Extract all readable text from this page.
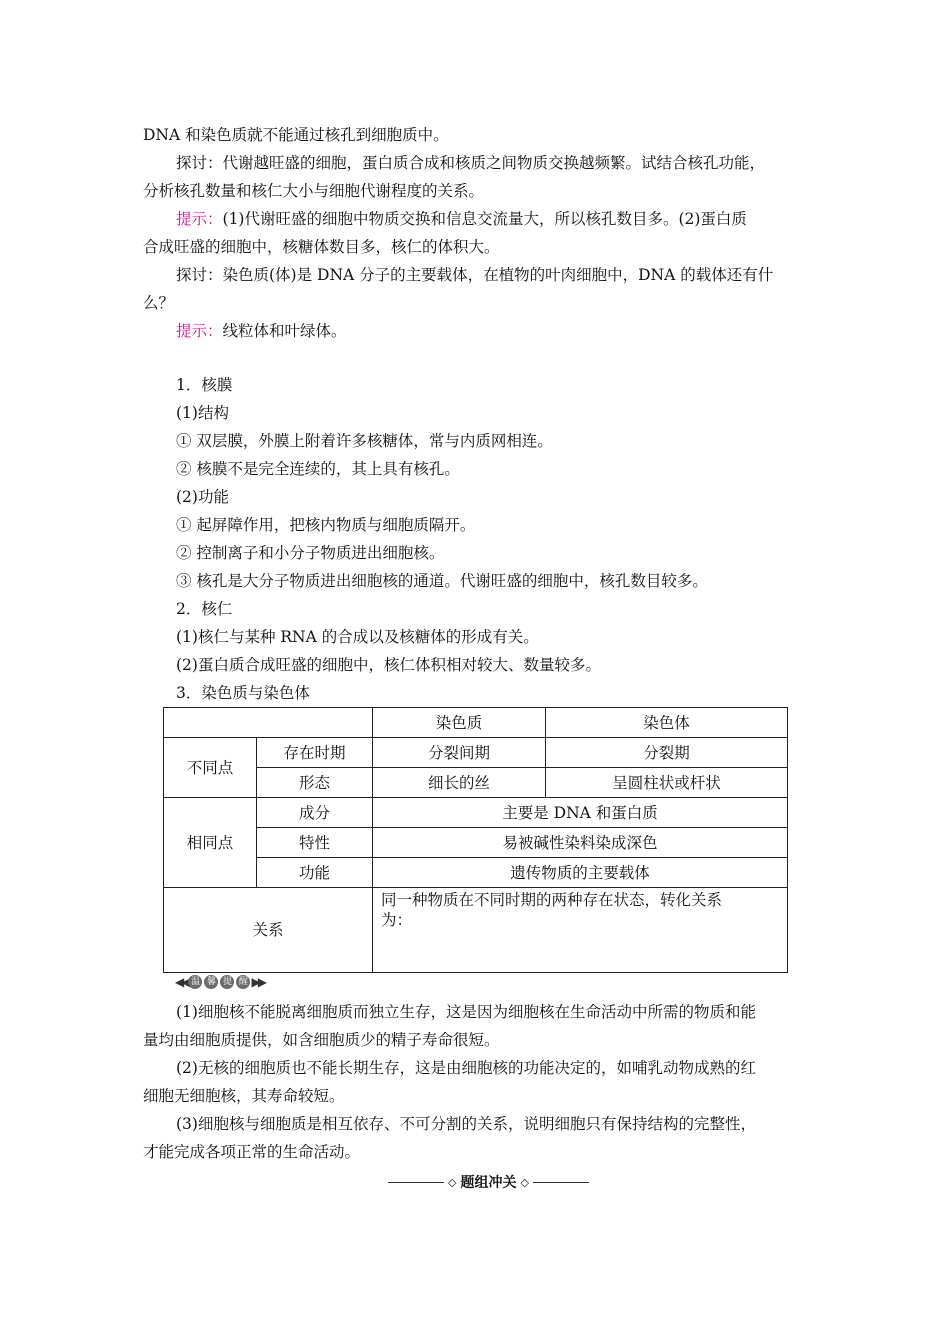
DNA 和染色质就不能通过核孔到细胞质中。
探讨：代谢越旺盛的细胞，蛋白质合成和核质之间物质交换越频繁。试结合核孔功能，
分析核孔数量和核仁大小与细胞代谢程度的关系。
提示：(1)代谢旺盛的细胞中物质交换和信息交流量大，所以核孔数目多。(2)蛋白质
合成旺盛的细胞中，核糖体数目多，核仁的体积大。
探讨：染色质(体)是 DNA 分子的主要载体，在植物的叶肉细胞中，DNA 的载体还有什
么？
提示：线粒体和叶绿体。
1．核膜
(1)结构
① 双层膜，外膜上附着许多核糖体，常与内质网相连。
② 核膜不是完全连续的，其上具有核孔。
(2)功能
① 起屏障作用，把核内物质与细胞质隔开。
② 控制离子和小分子物质进出细胞核。
③ 核孔是大分子物质进出细胞核的通道。代谢旺盛的细胞中，核孔数目较多。
2．核仁
(1)核仁与某种 RNA 的合成以及核糖体的形成有关。
(2)蛋白质合成旺盛的细胞中，核仁体积相对较大、数量较多。
3．染色质与染色体
		染色质	染色体
不同点	存在时期	分裂间期	分裂期
	形态	细长的丝	呈圆柱状或杆状
相同点	成分	主要是 DNA 和蛋白质	
	特性	易被碱性染料染成深色	
	功能	遗传物质的主要载体	
关系		同一种物质在不同时期的两种存在状态，转化关系
为：	
◀◀ 温 馨 提 醒 ▶▶
(1)细胞核不能脱离细胞质而独立生存，这是因为细胞核在生命活动中所需的物质和能
量均由细胞质提供，如含细胞质少的精子寿命很短。
(2)无核的细胞质也不能长期生存，这是由细胞核的功能决定的，如哺乳动物成熟的红
细胞无细胞核，其寿命较短。
(3)细胞核与细胞质是相互依存、不可分割的关系，说明细胞只有保持结构的完整性，
才能完成各项正常的生命活动。
◇ 题组冲关 ◇
